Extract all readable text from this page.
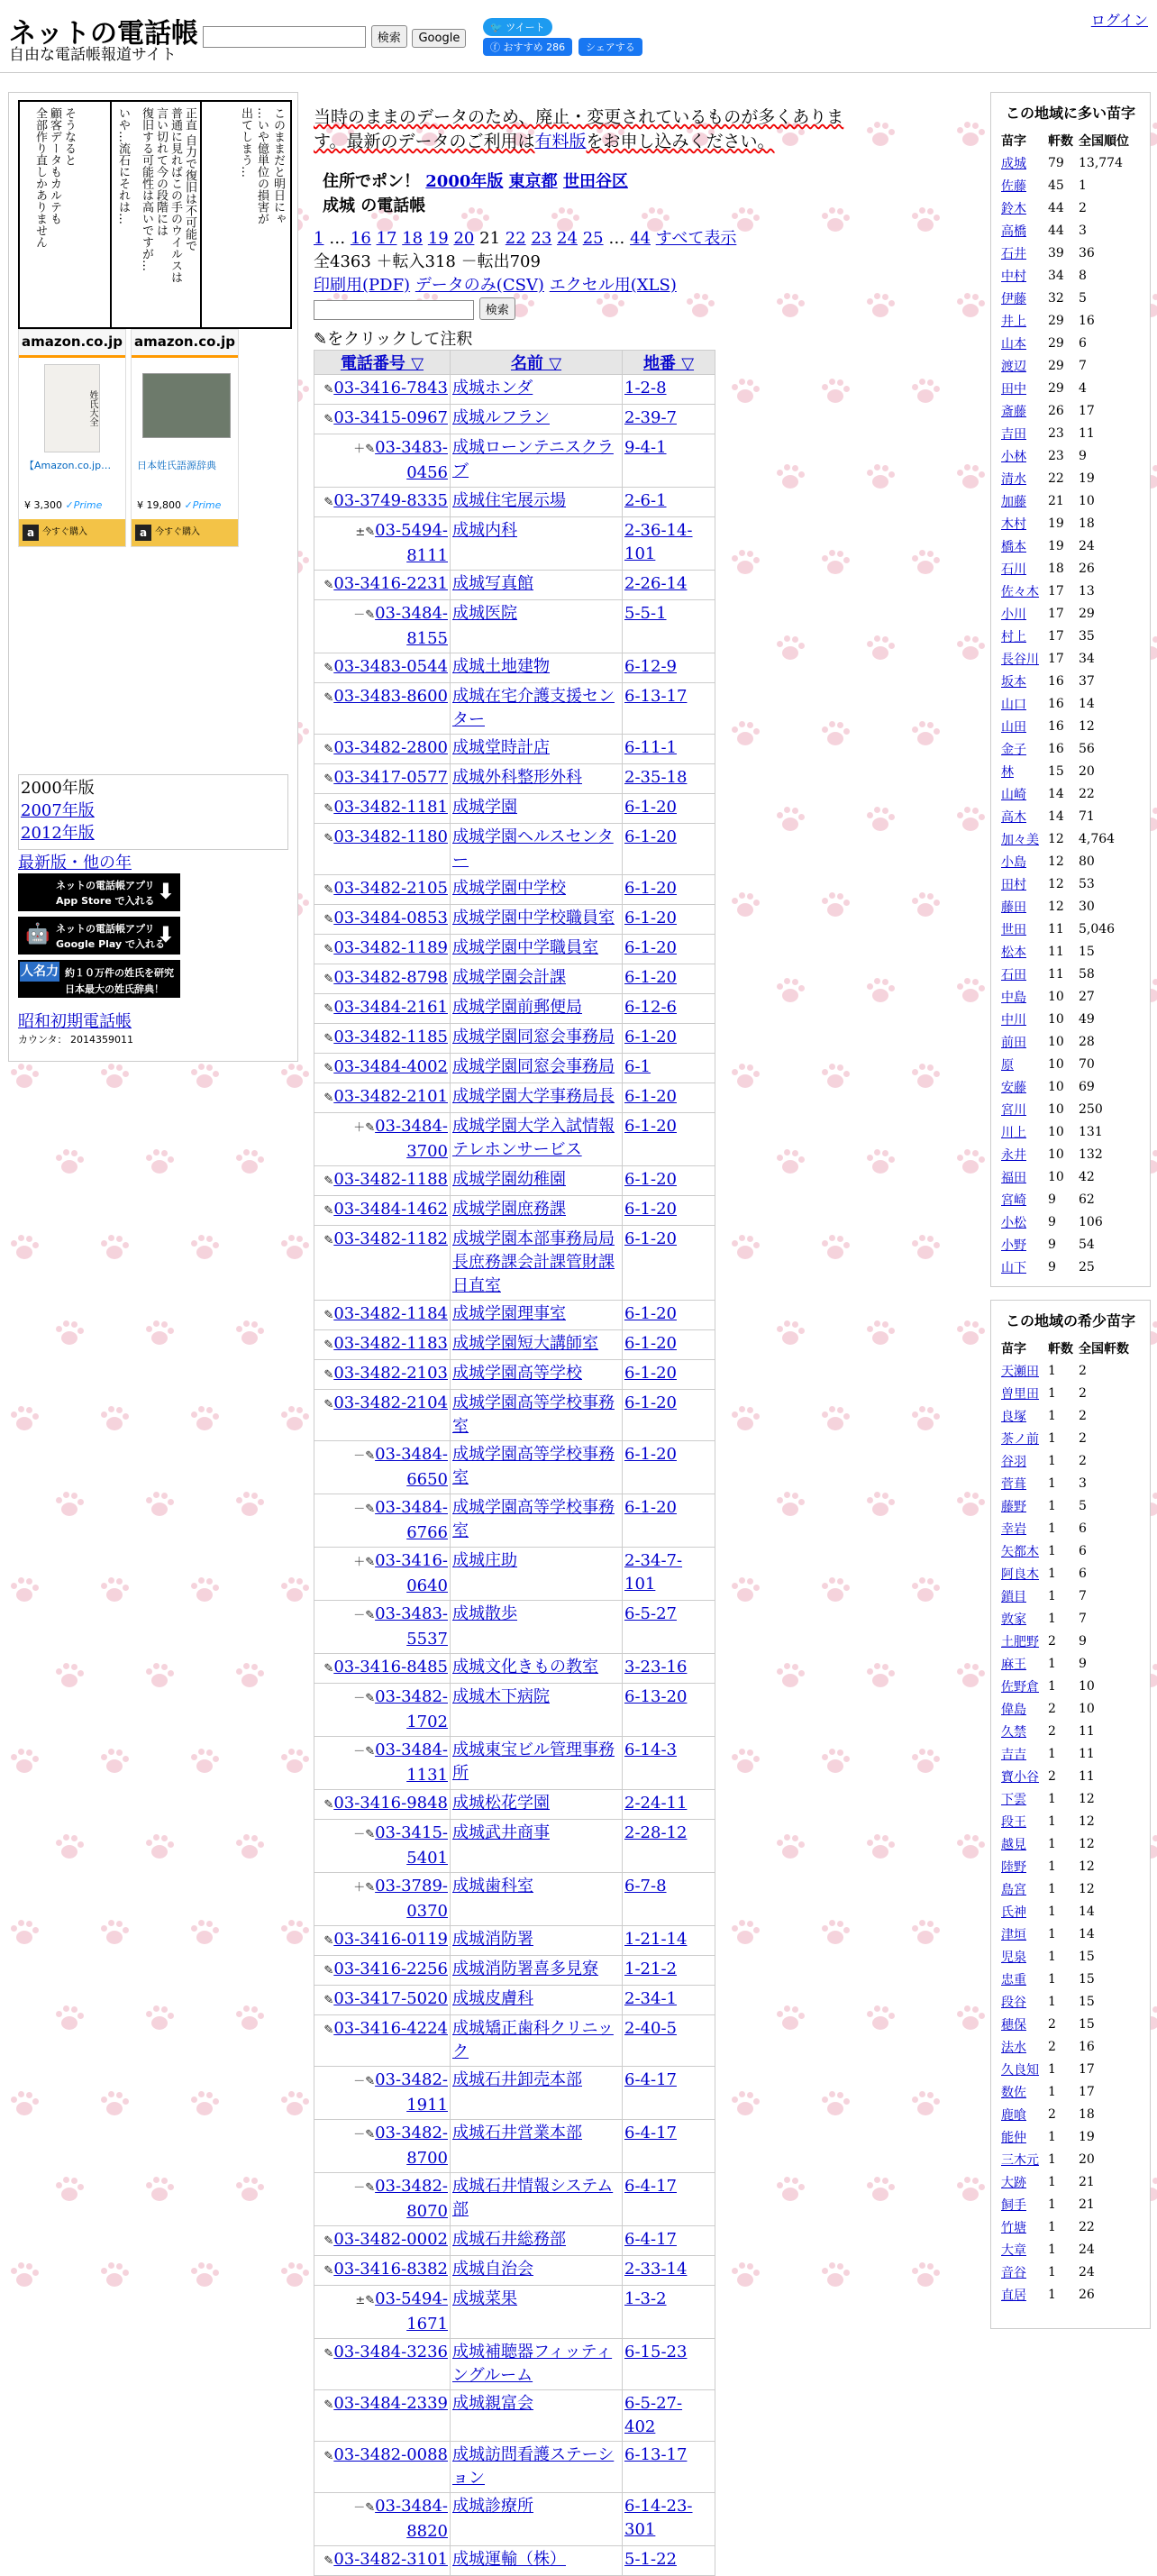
ネットの電話帳
自由な電話帳報道サイト
検索 Google
🐦 ツイート
ⓕ おすすめ 286	シェアする
ログイン
このままだと明日にゃ
…いや億単位の損害が
出てしまう…
正直 自力で復旧は不可能で
普通に見ればこの手のウイルスは
言い切れて今の段階には
復旧する可能性は高いですが…
いや…流石にそれは…
そうなると
顧客データもカルテも
全部作り直しかありません
amazon.co.jp
姓氏大全
【Amazon.co.jp…
¥ 3,300 ✓Prime
a 今すぐ購入
amazon.co.jp
日本姓氏語源辞典
¥ 19,800 ✓Prime
a 今すぐ購入
2000年版
2007年版
2012年版
最新版・他の年
ネットの電話帳アプリ
App Store で入れる ⬇
🤖 ネットの電話帳アプリ
Google Play で入れる
⬇
人名力 約１０万件の姓氏を研究
日本最大の姓氏辞典！
昭和初期電話帳
カウンタ： 2014359011
当時のままのデータのため、廃止・変更されているものが多くありま
す。最新のデータのご利用は有料版をお申し込みください。
住所でポン！ 2000年版 東京都 世田谷区
成城 の電話帳
1 … 16 17 18 19 20 21 22 23 24 25 … 44 すべて表示
全4363 ＋転入318 －転出709
印刷用(PDF) データのみ(CSV) エクセル用(XLS)
検索
✎をクリックして注釈
電話番号 ▽	名前 ▽	地番 ▽
✎03-3416-7843	成城ホンダ	1-2-8
✎03-3415-0967	成城ルフラン	2-39-7
＋✎03-3483-0456	成城ローンテニスクラブ	9-4-1
✎03-3749-8335	成城住宅展示場	2-6-1
±✎03-5494-8111	成城内科	2-36-14-101
✎03-3416-2231	成城写真館	2-26-14
－✎03-3484-8155	成城医院	5-5-1
✎03-3483-0544	成城土地建物	6-12-9
✎03-3483-8600	成城在宅介護支援センター	6-13-17
✎03-3482-2800	成城堂時計店	6-11-1
✎03-3417-0577	成城外科整形外科	2-35-18
✎03-3482-1181	成城学園	6-1-20
✎03-3482-1180	成城学園ヘルスセンター	6-1-20
✎03-3482-2105	成城学園中学校	6-1-20
✎03-3484-0853	成城学園中学校職員室	6-1-20
✎03-3482-1189	成城学園中学職員室	6-1-20
✎03-3482-8798	成城学園会計課	6-1-20
✎03-3484-2161	成城学園前郵便局	6-12-6
✎03-3482-1185	成城学園同窓会事務局	6-1-20
✎03-3484-4002	成城学園同窓会事務局	6-1
✎03-3482-2101	成城学園大学事務局長	6-1-20
＋✎03-3484-3700	成城学園大学入試情報テレホンサービス	6-1-20
✎03-3482-1188	成城学園幼稚園	6-1-20
✎03-3484-1462	成城学園庶務課	6-1-20
✎03-3482-1182	成城学園本部事務局局長庶務課会計課管財課日直室	6-1-20
✎03-3482-1184	成城学園理事室	6-1-20
✎03-3482-1183	成城学園短大講師室	6-1-20
✎03-3482-2103	成城学園高等学校	6-1-20
✎03-3482-2104	成城学園高等学校事務室	6-1-20
－✎03-3484-6650	成城学園高等学校事務室	6-1-20
－✎03-3484-6766	成城学園高等学校事務室	6-1-20
＋✎03-3416-0640	成城庄助	2-34-7-101
－✎03-3483-5537	成城散歩	6-5-27
✎03-3416-8485	成城文化きもの教室	3-23-16
－✎03-3482-1702	成城木下病院	6-13-20
－✎03-3484-1131	成城東宝ビル管理事務所	6-14-3
✎03-3416-9848	成城松花学園	2-24-11
－✎03-3415-5401	成城武井商事	2-28-12
＋✎03-3789-0370	成城歯科室	6-7-8
✎03-3416-0119	成城消防署	1-21-14
✎03-3416-2256	成城消防署喜多見寮	1-21-2
✎03-3417-5020	成城皮膚科	2-34-1
✎03-3416-4224	成城矯正歯科クリニック	2-40-5
－✎03-3482-1911	成城石井卸売本部	6-4-17
－✎03-3482-8700	成城石井営業本部	6-4-17
－✎03-3482-8070	成城石井情報システム部	6-4-17
✎03-3482-0002	成城石井総務部	6-4-17
✎03-3416-8382	成城自治会	2-33-14
±✎03-5494-1671	成城菜果	1-3-2
✎03-3484-3236	成城補聴器フィッティングルーム	6-15-23
✎03-3484-2339	成城親富会	6-5-27-402
✎03-3482-0088	成城訪問看護ステーション	6-13-17
－✎03-3484-8820	成城診療所	6-14-23-301
✎03-3482-3101	成城運輸（株）	5-1-22
この地域に多い苗字
苗字	軒数	全国順位
成城	79	13,774
佐藤	45	1
鈴木	44	2
高橋	44	3
石井	39	36
中村	34	8
伊藤	32	5
井上	29	16
山本	29	6
渡辺	29	7
田中	29	4
斎藤	26	17
吉田	23	11
小林	23	9
清水	22	19
加藤	21	10
木村	19	18
橋本	19	24
石川	18	26
佐々木	17	13
小川	17	29
村上	17	35
長谷川	17	34
坂本	16	37
山口	16	14
山田	16	12
金子	16	56
林	15	20
山崎	14	22
高木	14	71
加々美	12	4,764
小島	12	80
田村	12	53
藤田	12	30
世田	11	5,046
松本	11	15
石田	11	58
中島	10	27
中川	10	49
前田	10	28
原	10	70
安藤	10	69
宮川	10	250
川上	10	131
永井	10	132
福田	10	42
宮崎	9	62
小松	9	106
小野	9	54
山下	9	25
この地域の希少苗字
苗字	軒数	全国軒数
天瀬田	1	2
曽里田	1	2
良塚	1	2
茶ノ前	1	2
谷羽	1	2
菅葺	1	3
藤野	1	5
幸岩	1	6
矢都木	1	6
阿良木	1	6
鎖目	1	7
敦家	1	7
土肥野	2	9
麻王	1	9
佐野倉	1	10
偉島	2	10
久禁	2	11
吉吉	1	11
寶小谷	2	11
下雲	1	12
段王	1	12
越見	1	12
陸野	1	12
島宮	1	12
氏神	1	14
津垣	1	14
児泉	1	15
忠重	1	15
段谷	1	15
穂保	2	15
法水	2	16
久良知	1	17
数佐	1	17
鹿喰	2	18
能仲	1	19
三木元	1	20
大跡	1	21
飼手	1	21
竹塘	1	22
大章	1	24
音谷	1	24
直居	1	26
